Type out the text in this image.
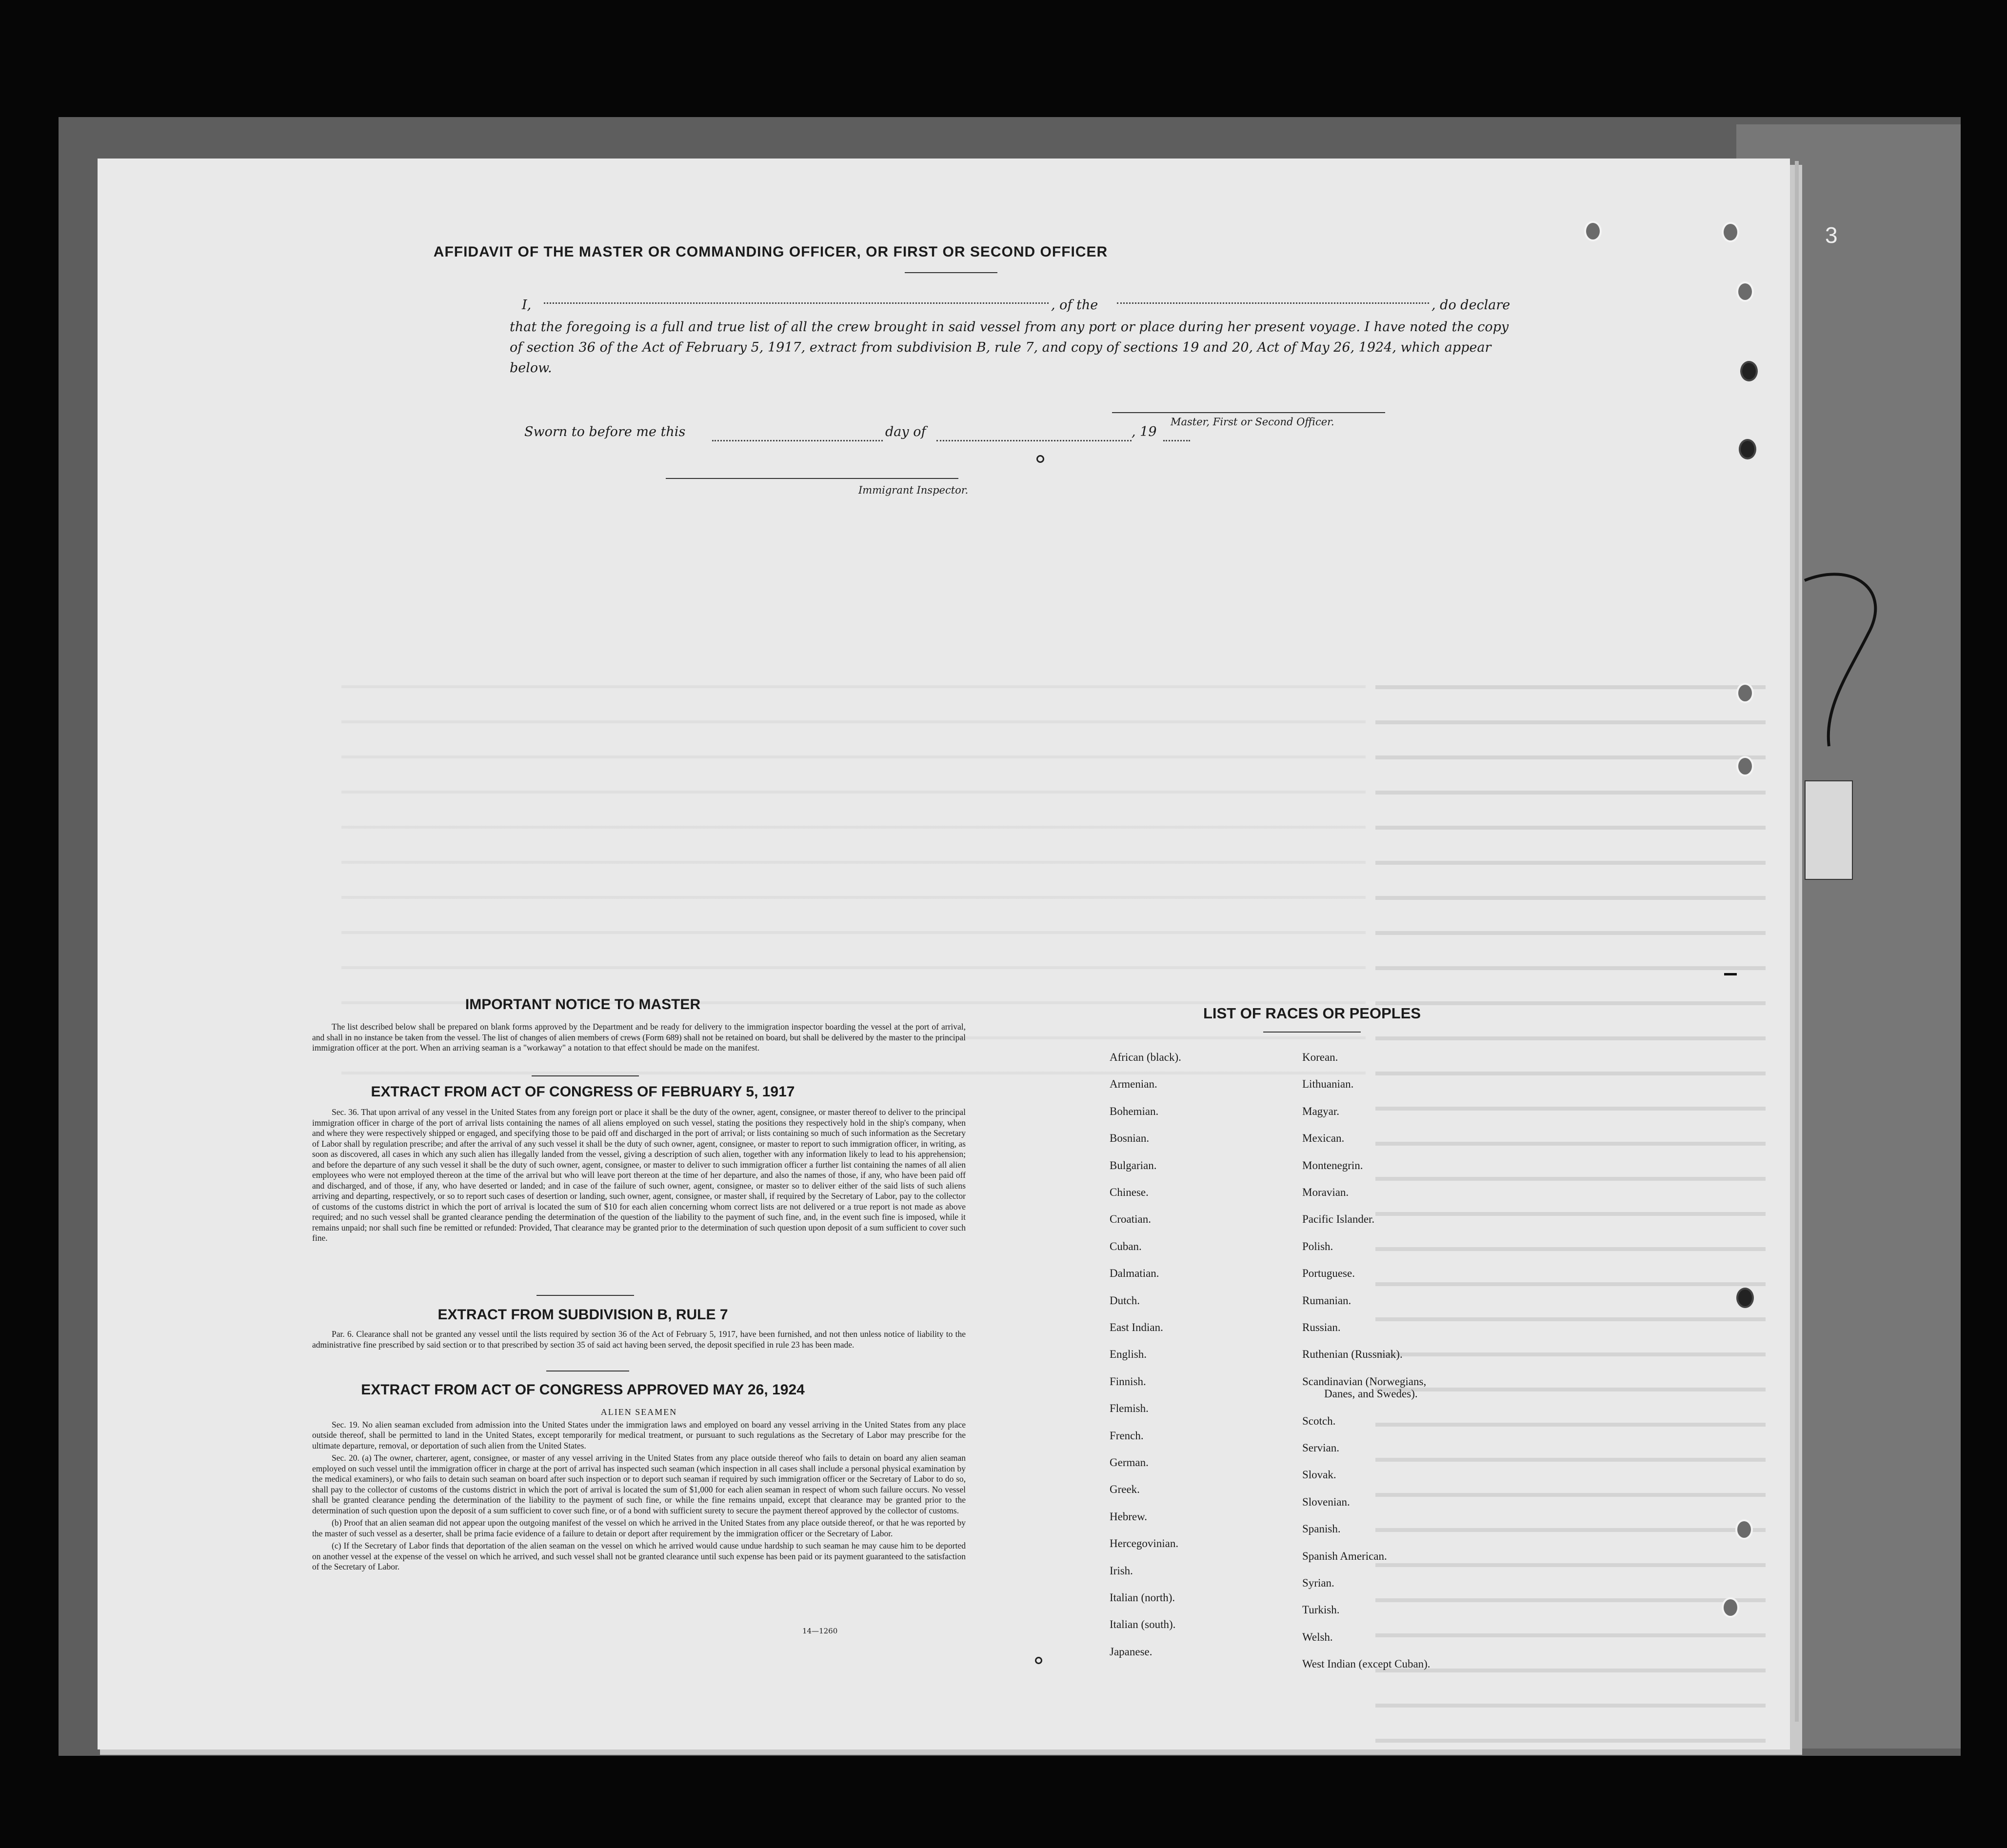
AFFIDAVIT OF THE MASTER OR COMMANDING OFFICER, OR FIRST OR SECOND OFFICER
I,	, of the	, do declare
that the foregoing is a full and true list of all the crew brought in said vessel from any port or place during her present voyage. I have noted the copy of section 36 of the Act of February 5, 1917, extract from subdivision B, rule 7, and copy of sections 19 and 20, Act of May 26, 1924, which appear below.
Master, First or Second Officer.
Sworn to before me this	day of	, 19
Immigrant Inspector.
IMPORTANT NOTICE TO MASTER

The list described below shall be prepared on blank forms approved by the Department and be ready for delivery to the immigration inspector boarding the vessel at the port of arrival, and shall in no instance be taken from the vessel. The list of changes of alien members of crews (Form 689) shall not be retained on board, but shall be delivered by the master to the principal immigration officer at the port. When an arriving seaman is a "workaway" a notation to that effect should be made on the manifest.

EXTRACT FROM ACT OF CONGRESS OF FEBRUARY 5, 1917

Sec. 36. That upon arrival of any vessel in the United States from any foreign port or place it shall be the duty of the owner, agent, consignee, or master thereof to deliver to the principal immigration officer in charge of the port of arrival lists containing the names of all aliens employed on such vessel, stating the positions they respectively hold in the ship's company, when and where they were respectively shipped or engaged, and specifying those to be paid off and discharged in the port of arrival; or lists containing so much of such information as the Secretary of Labor shall by regulation prescribe; and after the arrival of any such vessel it shall be the duty of such owner, agent, consignee, or master to report to such immigration officer, in writing, as soon as discovered, all cases in which any such alien has illegally landed from the vessel, giving a description of such alien, together with any information likely to lead to his apprehension; and before the departure of any such vessel it shall be the duty of such owner, agent, consignee, or master to deliver to such immigration officer a further list containing the names of all alien employees who were not employed thereon at the time of the arrival but who will leave port thereon at the time of her departure, and also the names of those, if any, who have been paid off and discharged, and of those, if any, who have deserted or landed; and in case of the failure of such owner, agent, consignee, or master so to deliver either of the said lists of such aliens arriving and departing, respectively, or so to report such cases of desertion or landing, such owner, agent, consignee, or master shall, if required by the Secretary of Labor, pay to the collector of customs of the customs district in which the port of arrival is located the sum of $10 for each alien concerning whom correct lists are not delivered or a true report is not made as above required; and no such vessel shall be granted clearance pending the determination of the question of the liability to the payment of such fine, and, in the event such fine is imposed, while it remains unpaid; nor shall such fine be remitted or refunded: Provided, That clearance may be granted prior to the determination of such question upon deposit of a sum sufficient to cover such fine.

EXTRACT FROM SUBDIVISION B, RULE 7

Par. 6. Clearance shall not be granted any vessel until the lists required by section 36 of the Act of February 5, 1917, have been furnished, and not then unless notice of liability to the administrative fine prescribed by said section or to that prescribed by section 35 of said act having been served, the deposit specified in rule 23 has been made.

EXTRACT FROM ACT OF CONGRESS APPROVED MAY 26, 1924
ALIEN SEAMEN

Sec. 19. No alien seaman excluded from admission into the United States under the immigration laws and employed on board any vessel arriving in the United States from any place outside thereof, shall be permitted to land in the United States, except temporarily for medical treatment, or pursuant to such regulations as the Secretary of Labor may prescribe for the ultimate departure, removal, or deportation of such alien from the United States.

Sec. 20. (a) The owner, charterer, agent, consignee, or master of any vessel arriving in the United States from any place outside thereof who fails to detain on board any alien seaman employed on such vessel until the immigration officer in charge at the port of arrival has inspected such seaman (which inspection in all cases shall include a personal physical examination by the medical examiners), or who fails to detain such seaman on board after such inspection or to deport such seaman if required by such immigration officer or the Secretary of Labor to do so, shall pay to the collector of customs of the customs district in which the port of arrival is located the sum of $1,000 for each alien seaman in respect of whom such failure occurs. No vessel shall be granted clearance pending the determination of the liability to the payment of such fine, or while the fine remains unpaid, except that clearance may be granted prior to the determination of such question upon the deposit of a sum sufficient to cover such fine, or of a bond with sufficient surety to secure the payment thereof approved by the collector of customs.

(b) Proof that an alien seaman did not appear upon the outgoing manifest of the vessel on which he arrived in the United States from any place outside thereof, or that he was reported by the master of such vessel as a deserter, shall be prima facie evidence of a failure to detain or deport after requirement by the immigration officer or the Secretary of Labor.

(c) If the Secretary of Labor finds that deportation of the alien seaman on the vessel on which he arrived would cause undue hardship to such seaman he may cause him to be deported on another vessel at the expense of the vessel on which he arrived, and such vessel shall not be granted clearance until such expense has been paid or its payment guaranteed to the satisfaction of the Secretary of Labor.

14—1260
LIST OF RACES OR PEOPLES
African (black).
Armenian.
Bohemian.
Bosnian.
Bulgarian.
Chinese.
Croatian.
Cuban.
Dalmatian.
Dutch.
East Indian.
English.
Finnish.
Flemish.
French.
German.
Greek.
Hebrew.
Hercegovinian.
Irish.
Italian (north).
Italian (south).
Japanese.
Korean.
Lithuanian.
Magyar.
Mexican.
Montenegrin.
Moravian.
Pacific Islander.
Polish.
Portuguese.
Rumanian.
Russian.
Ruthenian (Russniak).
Scandinavian (Norwegians,
Danes, and Swedes).
Scotch.
Servian.
Slovak.
Slovenian.
Spanish.
Spanish American.
Syrian.
Turkish.
Welsh.
West Indian (except Cuban).
3
